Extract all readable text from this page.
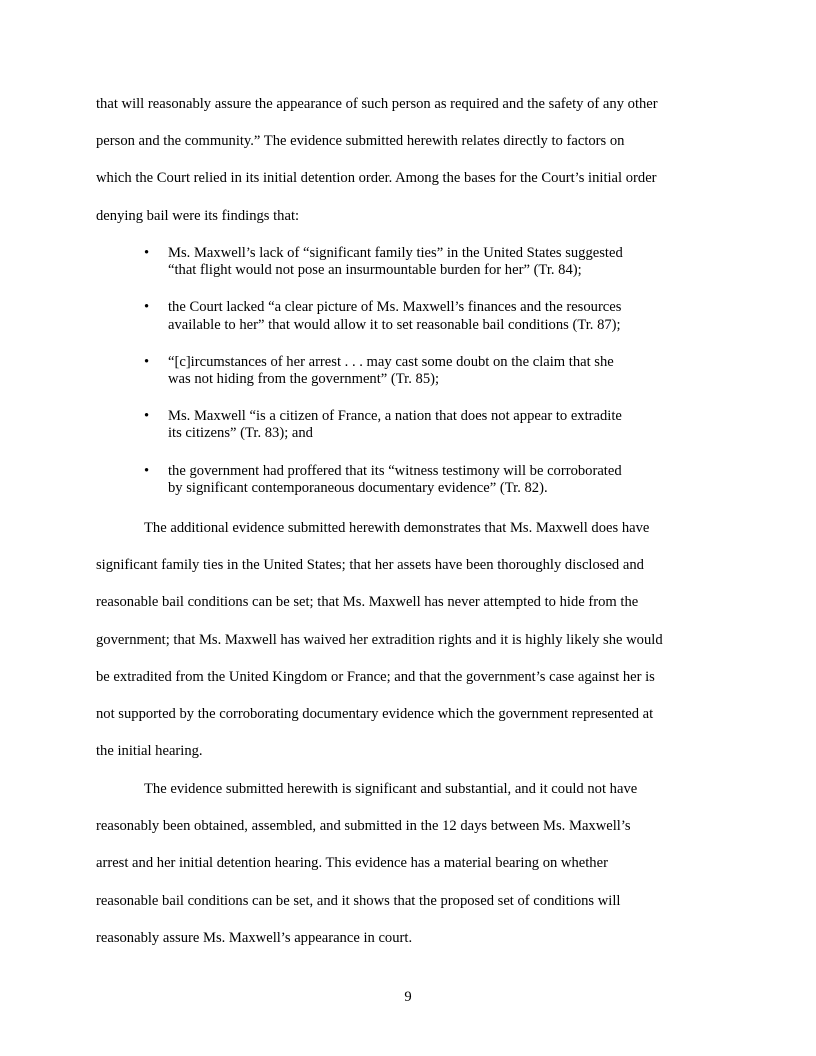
that will reasonably assure the appearance of such person as required and the safety of any other
person and the community.” The evidence submitted herewith relates directly to factors on
which the Court relied in its initial detention order. Among the bases for the Court’s initial order
denying bail were its findings that:
•	Ms. Maxwell’s lack of “significant family ties” in the United States suggested
“that flight would not pose an insurmountable burden for her” (Tr. 84);
•	the Court lacked “a clear picture of Ms. Maxwell’s finances and the resources
available to her” that would allow it to set reasonable bail conditions (Tr. 87);
•	“[c]ircumstances of her arrest . . . may cast some doubt on the claim that she
was not hiding from the government” (Tr. 85);
•	Ms. Maxwell “is a citizen of France, a nation that does not appear to extradite
its citizens” (Tr. 83); and
•	the government had proffered that its “witness testimony will be corroborated
by significant contemporaneous documentary evidence” (Tr. 82).
The additional evidence submitted herewith demonstrates that Ms. Maxwell does have
significant family ties in the United States; that her assets have been thoroughly disclosed and
reasonable bail conditions can be set; that Ms. Maxwell has never attempted to hide from the
government; that Ms. Maxwell has waived her extradition rights and it is highly likely she would
be extradited from the United Kingdom or France; and that the government’s case against her is
not supported by the corroborating documentary evidence which the government represented at
the initial hearing.
The evidence submitted herewith is significant and substantial, and it could not have
reasonably been obtained, assembled, and submitted in the 12 days between Ms. Maxwell’s
arrest and her initial detention hearing. This evidence has a material bearing on whether
reasonable bail conditions can be set, and it shows that the proposed set of conditions will
reasonably assure Ms. Maxwell’s appearance in court.
9
